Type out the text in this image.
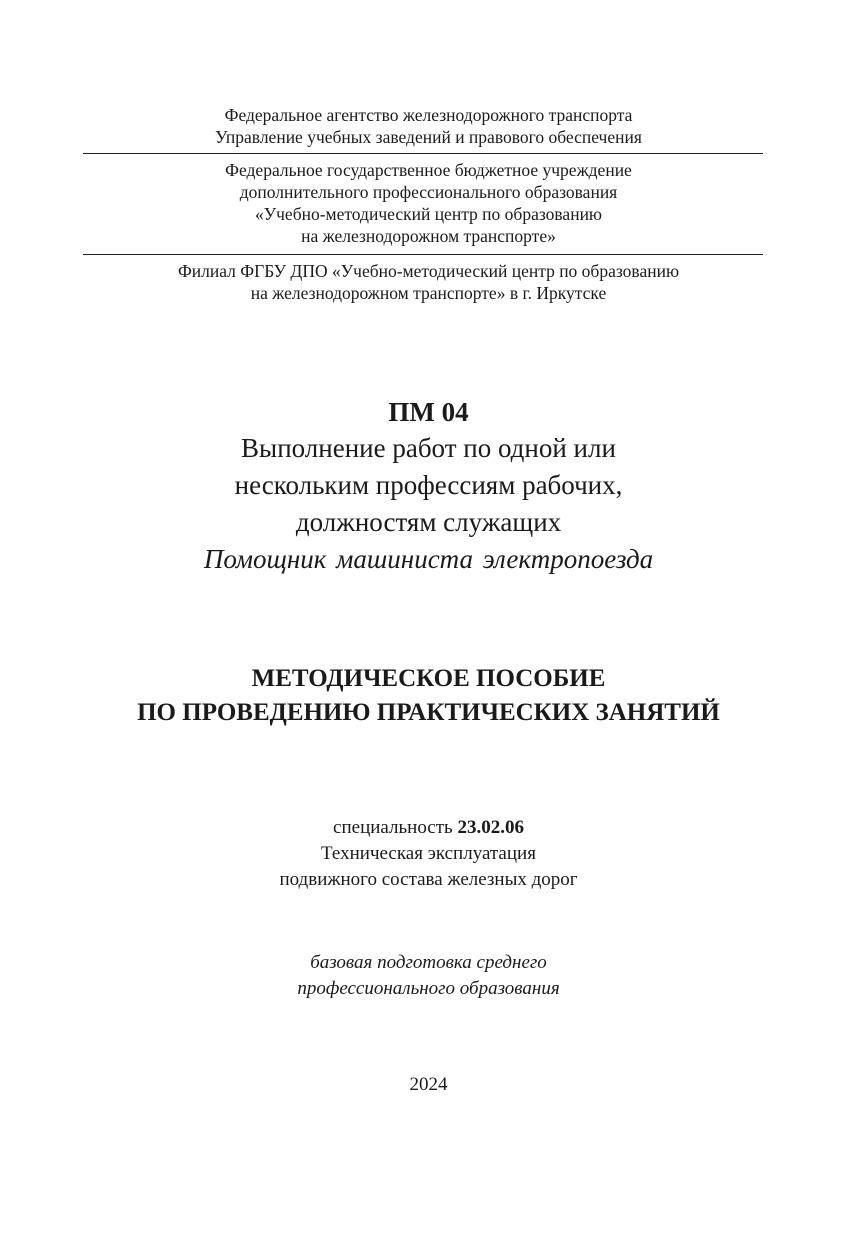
Федеральное агентство железнодорожного транспорта
Управление учебных заведений и правового обеспечения
Федеральное государственное бюджетное учреждение
дополнительного профессионального образования
«Учебно-методический центр по образованию
на железнодорожном транспорте»
Филиал ФГБУ ДПО «Учебно-методический центр по образованию
на железнодорожном транспорте» в г. Иркутске
ПМ 04
Выполнение работ по одной или
нескольким профессиям рабочих,
должностям служащих
Помощник машиниста электропоезда
МЕТОДИЧЕСКОЕ ПОСОБИЕ
ПО ПРОВЕДЕНИЮ ПРАКТИЧЕСКИХ ЗАНЯТИЙ
специальность 23.02.06
Техническая эксплуатация
подвижного состава железных дорог
базовая подготовка среднего
профессионального образования
2024
